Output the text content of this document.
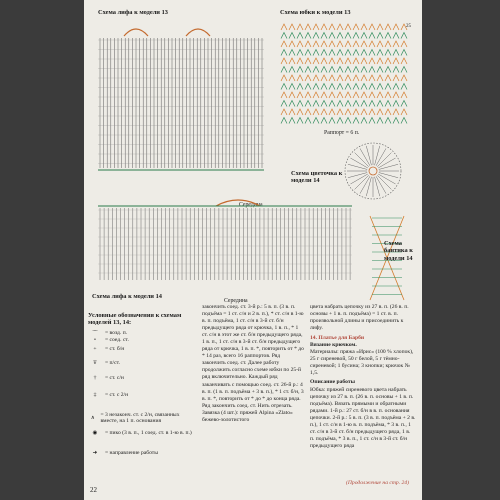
Схема лифа к модели 13	Схема юбки к модели 13
25
Раппорт = 6 п.
Схема цветочка к модели 14
Середина
Середина
Схема лифа к модели 14
Схема бантика к модели 14
Условные обозначения к схемам моделей 13, 14:
⌒	= возд. п.
•	= соед. ст.
+	= ст. б/н
Ŧ	= п/ст.
†	= ст. с/н
‡	= ст. с 2/н
∧	= 3 незаконч. ст. с 2/н, связанных вместе, на 1 п. основания
◉	= пико (3 в. п., 1 соед. ст. в 1-ю в. п.)
➜	= направление работы

закончить соед. ст. 3-й р.: 5 в. п. (3 в. п. подъёма = 1 ст. с/н и 2 в. п.), * ст. с/н в 1-ю в. п. подъёма, 1 ст. с/н в 3-й ст. б/н предыдущего ряда от крючка, 1 в. п., * 1 ст. с/н в этот же ст. б/н предыдущего ряда, 1 в. п., 1 ст. с/н в 3-й ст. б/н предыдущего ряда от крючка, 1 в. п. *, повторить от * до * 14 раз, всего 16 раппортов. Ряд закончить соед. ст. Далее работу продолжить согласно схеме юбки по 25-й ряд включительно. Каждый ряд заканчивать с помощью соед. ст. 26-й р.: 4 в. п. (1 в. п. подъёма + 3 в. п.), * 1 ст. б/н, 3 в. п. *, повторить от * до * до конца ряда. Ряд закончить соед. ст. Нить отрезать. Завязка (4 шт.): пряжей Alpina «Zlato» бежево-золотистого

цвета набрать цепочку из 27 в. п. (26 в. п. основы + 1 в. п. подъёма) = 1 ст. в. п. произвольной длины и присоединить к лифу.

14. Платье для Барби

Вязание крючком.

Материалы: пряжа «Ирис» (100 % хлопок), 25 г сиреневой, 50 г белой, 5 г тёмно-сиреневой; 1 бусина; 3 кнопки; крючок № 1,5.

Описание работы

Юбка: пряжей сиреневого цвета набрать цепочку из 27 в. п. (26 в. п. основы + 1 в. п. подъёма). Вязать прямыми и обратными рядами. 1-й р.: 27 ст. б/н в в. п. основания цепочки. 2-й р.: 5 в. п. (3 в. п. подъёма + 2 в. п.), 1 ст. с/н в 1-ю в. п. подъёма, * 3 в. п., 1 ст. с/н в 3-й ст. б/н предыдущего ряда, 1 в. п. подъёма, * 3 в. п., 1 ст. с/н в 3-й ст. б/н предыдущего ряда

(Продолжение на стр. 24)
22
